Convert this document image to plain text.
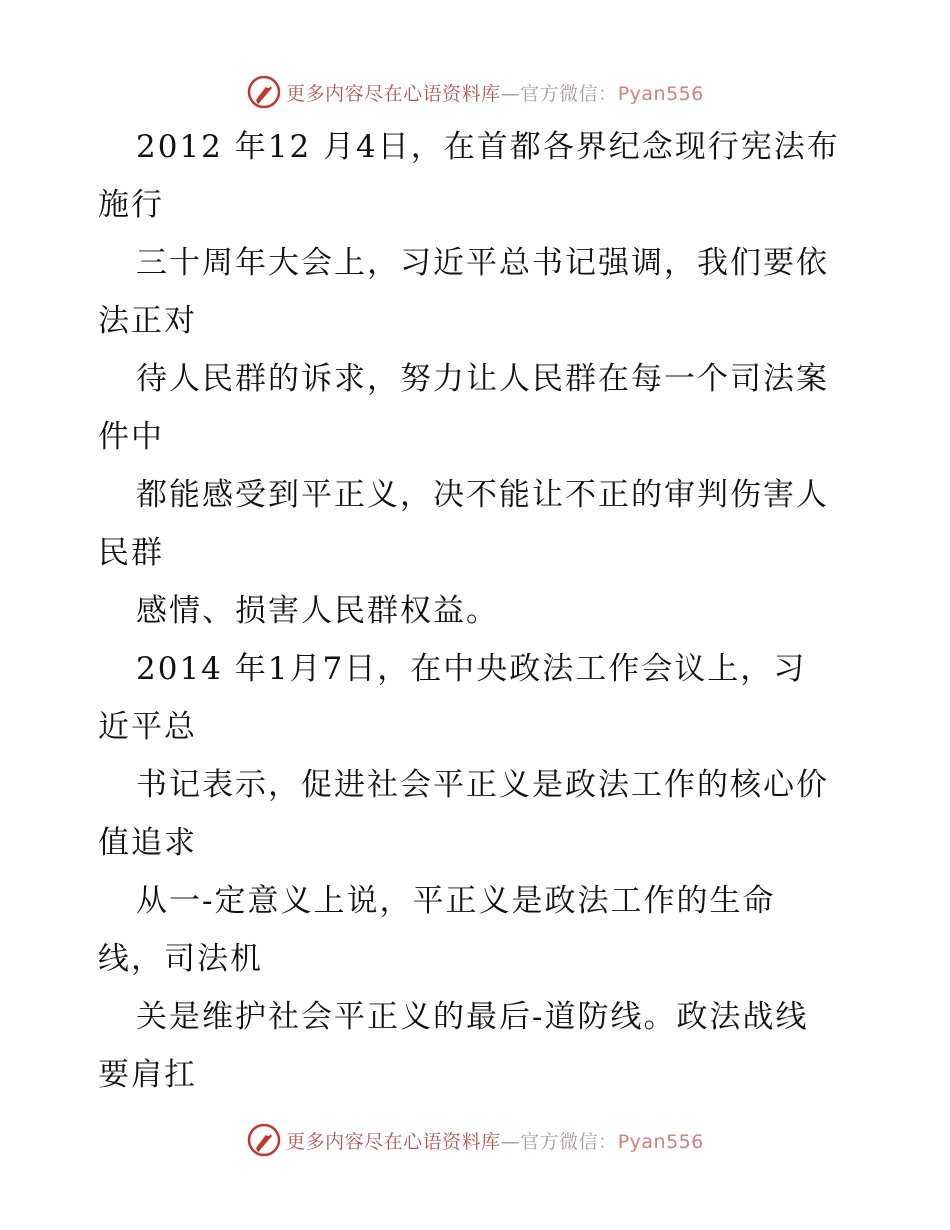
更多内容尽在心语资料库—官方微信：Pyan556
2012 年12 月4日，在首都各界纪念现行宪法布
施行
三十周年大会上，习近平总书记强调，我们要依
法正对
待人民群的诉求，努力让人民群在每一个司法案
件中
都能感受到平正义，决不能让不正的审判伤害人
民群
感情、损害人民群权益。
2014 年1月7日，在中央政法工作会议上，习
近平总
书记表示，促进社会平正义是政法工作的核心价
值追求
从一-定意义上说，平正义是政法工作的生命
线，司法机
关是维护社会平正义的最后-道防线。政法战线
要肩扛
更多内容尽在心语资料库—官方微信：Pyan556
